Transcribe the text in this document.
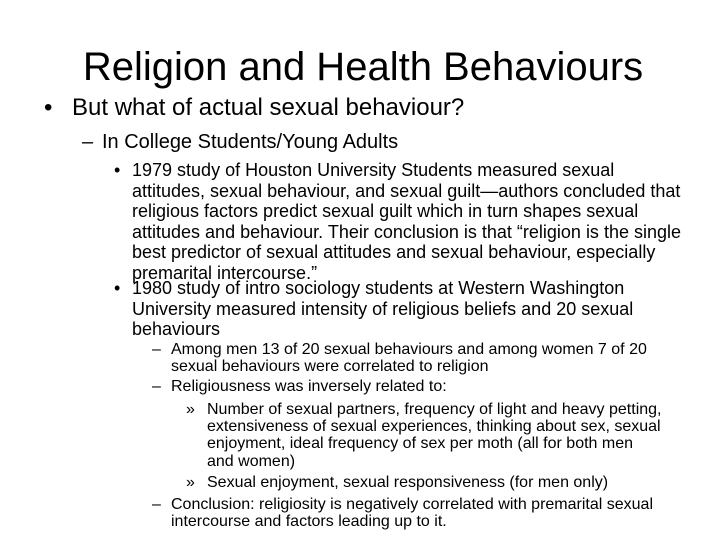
Religion and Health Behaviours
• But what of actual sexual behaviour?
– In College Students/Young Adults
• 1979 study of Houston University Students measured sexual attitudes, sexual behaviour, and sexual guilt—authors concluded that religious factors predict sexual guilt which in turn shapes sexual attitudes and behaviour. Their conclusion is that “religion is the single best predictor of sexual attitudes and sexual behaviour, especially premarital intercourse.”
• 1980 study of intro sociology students at Western Washington University measured intensity of religious beliefs and 20 sexual behaviours
– Among men 13 of 20 sexual behaviours and among women 7 of 20 sexual behaviours were correlated to religion
– Religiousness was inversely related to:
» Number of sexual partners, frequency of light and heavy petting, extensiveness of sexual experiences, thinking about sex, sexual enjoyment, ideal frequency of sex per moth (all for both men and women)
» Sexual enjoyment, sexual responsiveness (for men only)
– Conclusion: religiosity is negatively correlated with premarital sexual intercourse and factors leading up to it.
